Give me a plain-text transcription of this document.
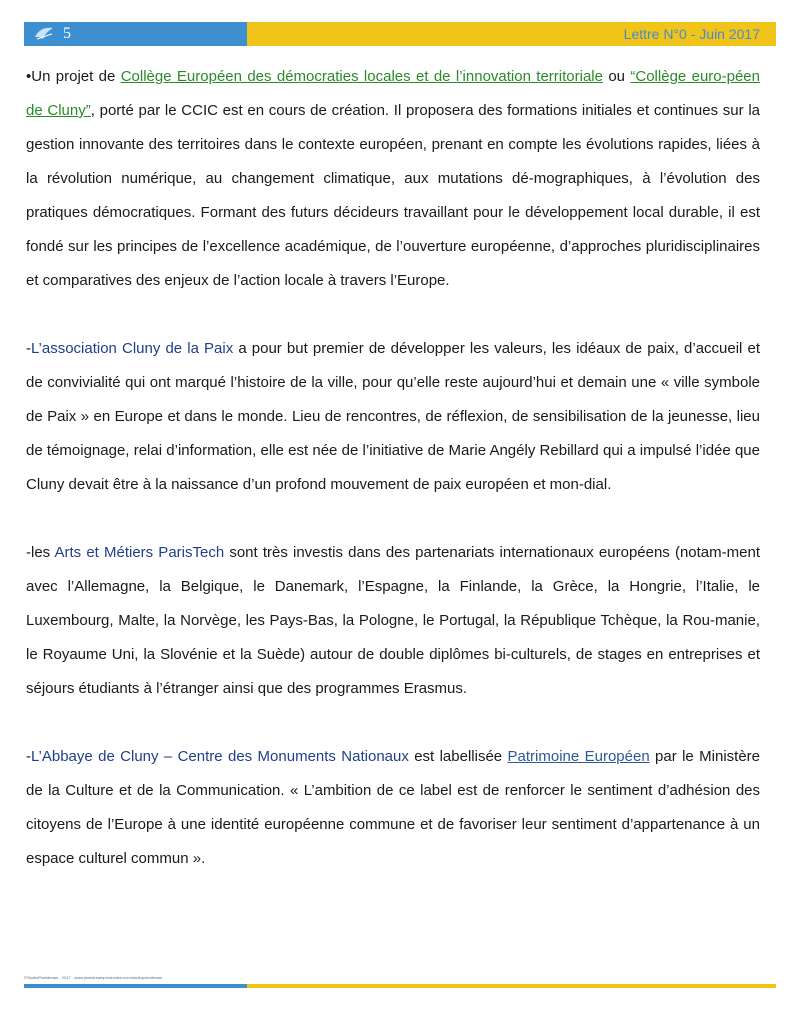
5	Lettre N°0 - Juin 2017

•Un projet de Collège Européen des démocraties locales et de l’innovation territoriale ou “Collège euro-péen de Cluny”, porté par le CCIC est en cours de création. Il proposera des formations initiales et continues sur la gestion innovante des territoires dans le contexte européen, prenant en compte les évolutions rapides, liées à la révolution numérique, au changement climatique, aux mutations dé-mographiques, à l’évolution des pratiques démocratiques. Formant des futurs décideurs travaillant pour le développement local durable, il est fondé sur les principes de l’excellence académique, de l’ouverture européenne, d’approches pluridisciplinaires et comparatives des enjeux de l’action locale à travers l’Europe.

-L’association Cluny de la Paix a pour but premier de développer les valeurs, les idéaux de paix, d’accueil et de convivialité qui ont marqué l’histoire de la ville, pour qu’elle reste aujourd’hui et demain une « ville symbole de Paix » en Europe et dans le monde. Lieu de rencontres, de réflexion, de sensibilisation de la jeunesse, lieu de témoignage, relai d’information, elle est née de l’initiative de Marie Angély Rebillard qui a impulsé l’idée que Cluny devait être à la naissance d’un profond mouvement de paix européen et mon-dial.

-les Arts et Métiers ParisTech sont très investis dans des partenariats internationaux européens (notam-ment avec l’Allemagne, la Belgique, le Danemark, l’Espagne, la Finlande, la Grèce, la Hongrie, l’Italie, le Luxembourg, Malte, la Norvège, les Pays-Bas, la Pologne, le Portugal, la République Tchèque, la Rou-manie, le Royaume Uni, la Slovénie et la Suède) autour de double diplômes bi-culturels, de stages en entreprises et séjours étudiants à l’étranger ainsi que des programmes Erasmus.

-L’Abbaye de Cluny – Centre des Monuments Nationaux est labellisée Patrimoine Européen par le Ministère de la Culture et de la Communication. « L’ambition de ce label est de renforcer le sentiment d’adhésion des citoyens de l’Europe à une identité européenne commune et de favoriser leur sentiment d’appartenance à un espace culturel commun ».

©StudioPixeldream - 2017 - www.pixeldreamproduction.com/studiopixeldream
